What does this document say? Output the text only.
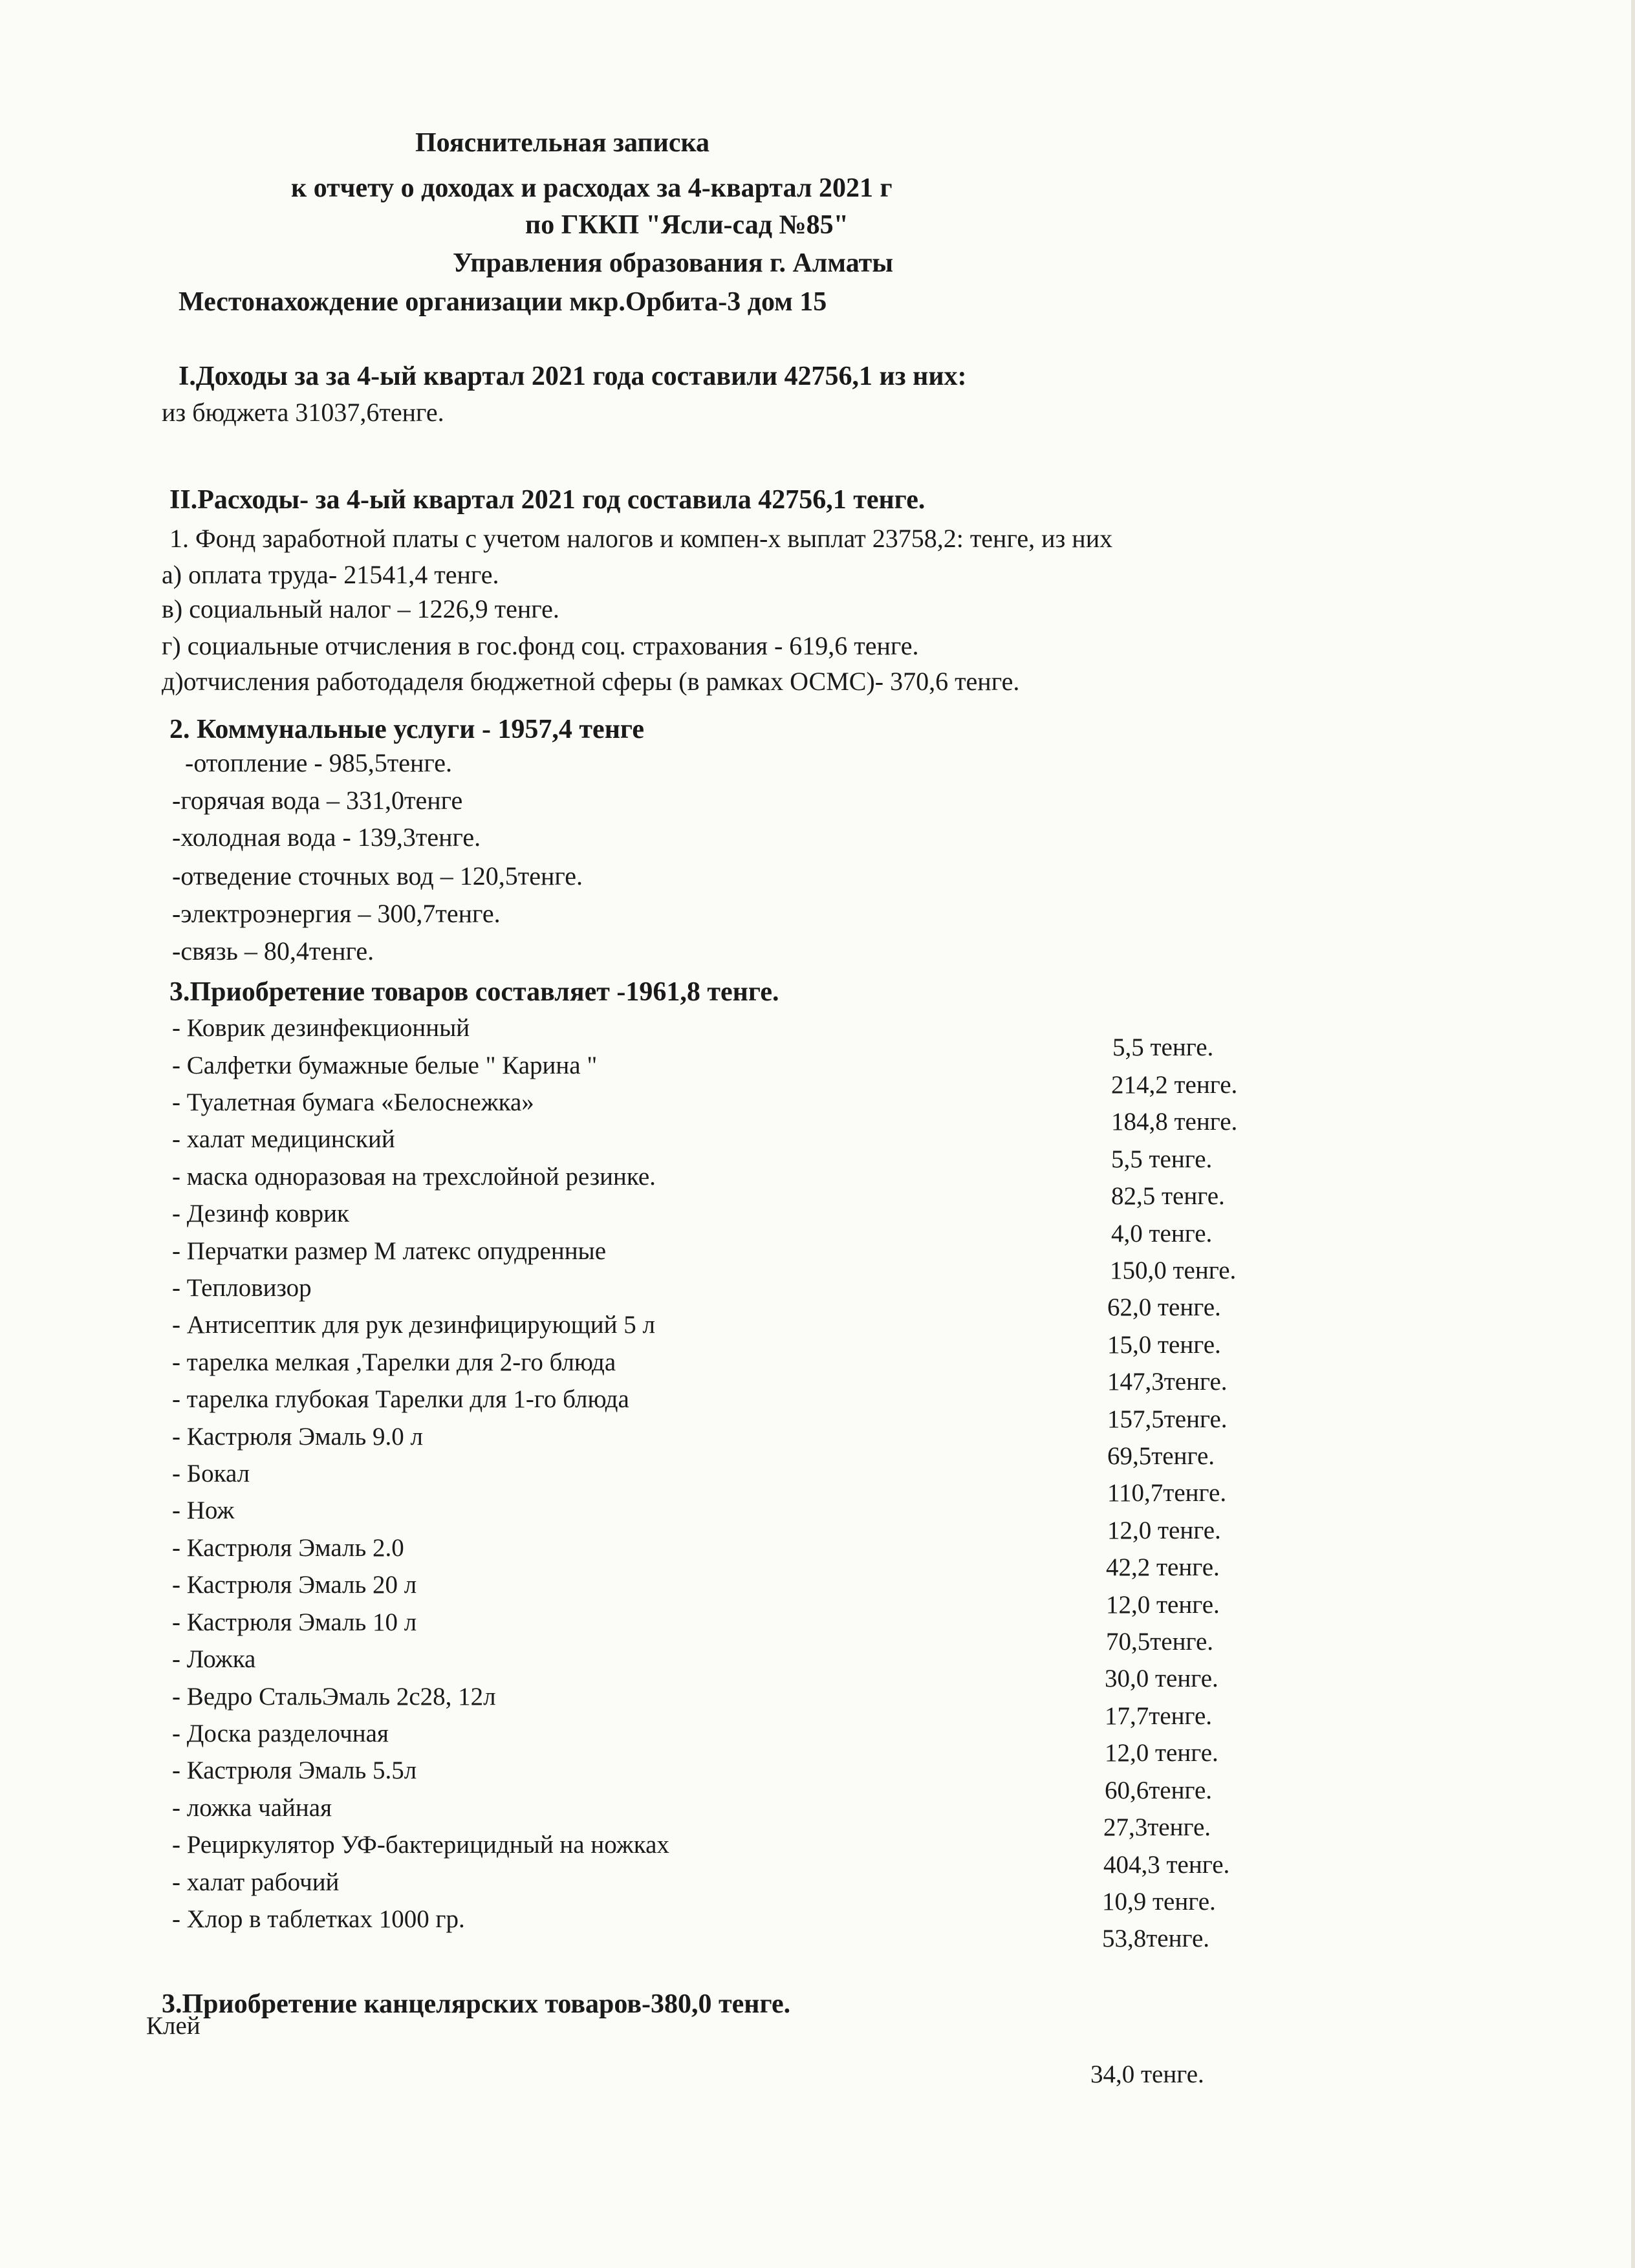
Пояснительная записка
к отчету о доходах и расходах за 4-квартал 2021 г
по ГККП "Ясли-сад №85"
Управления образования г. Алматы
Местонахождение организации мкр.Орбита-3 дом 15
I.Доходы за за 4-ый квартал 2021 года составили 42756,1 из них:
из бюджета 31037,6тенге.
II.Расходы- за 4-ый квартал 2021 год составила 42756,1 тенге.
1. Фонд заработной платы с учетом налогов и компен-х выплат 23758,2: тенге, из них
а) оплата труда- 21541,4 тенге.
в) социальный налог – 1226,9 тенге.
г) социальные отчисления в гос.фонд соц. страхования - 619,6 тенге.
д)отчисления работодаделя бюджетной сферы (в рамках ОСМС)- 370,6 тенге.
2. Коммунальные услуги - 1957,4 тенге
-отопление - 985,5тенге.
-горячая вода – 331,0тенге
-холодная вода - 139,3тенге.
-отведение сточных вод – 120,5тенге.
-электроэнергия – 300,7тенге.
-связь – 80,4тенге.
3.Приобретение товаров составляет -1961,8 тенге.
- Коврик дезинфекционный
- Салфетки бумажные белые " Карина "
- Туалетная бумага «Белоснежка»
- халат медицинский
- маска одноразовая на трехслойной резинке.
- Дезинф коврик
- Перчатки размер М латекс опудренные
- Тепловизор
- Антисептик для рук дезинфицирующий 5 л
- тарелка мелкая ,Тарелки для 2-го блюда
- тарелка глубокая Тарелки для 1-го блюда
- Кастрюля Эмаль 9.0 л
- Бокал
- Нож
- Кастрюля Эмаль 2.0
- Кастрюля Эмаль 20 л
- Кастрюля Эмаль 10 л
- Ложка
- Ведро СтальЭмаль 2с28, 12л
- Доска разделочная
- Кастрюля Эмаль 5.5л
- ложка чайная
- Рециркулятор УФ-бактерицидный на ножках
- халат рабочий
- Хлор в таблетках 1000 гр.
5,5 тенге.
214,2 тенге.
184,8 тенге.
5,5 тенге.
82,5 тенге.
4,0 тенге.
150,0 тенге.
62,0 тенге.
15,0 тенге.
147,3тенге.
157,5тенге.
69,5тенге.
110,7тенге.
12,0 тенге.
42,2 тенге.
12,0 тенге.
70,5тенге.
30,0 тенге.
17,7тенге.
12,0 тенге.
60,6тенге.
27,3тенге.
404,3 тенге.
10,9 тенге.
53,8тенге.
3.Приобретение канцелярских товаров-380,0 тенге.
Клей
34,0 тенге.
